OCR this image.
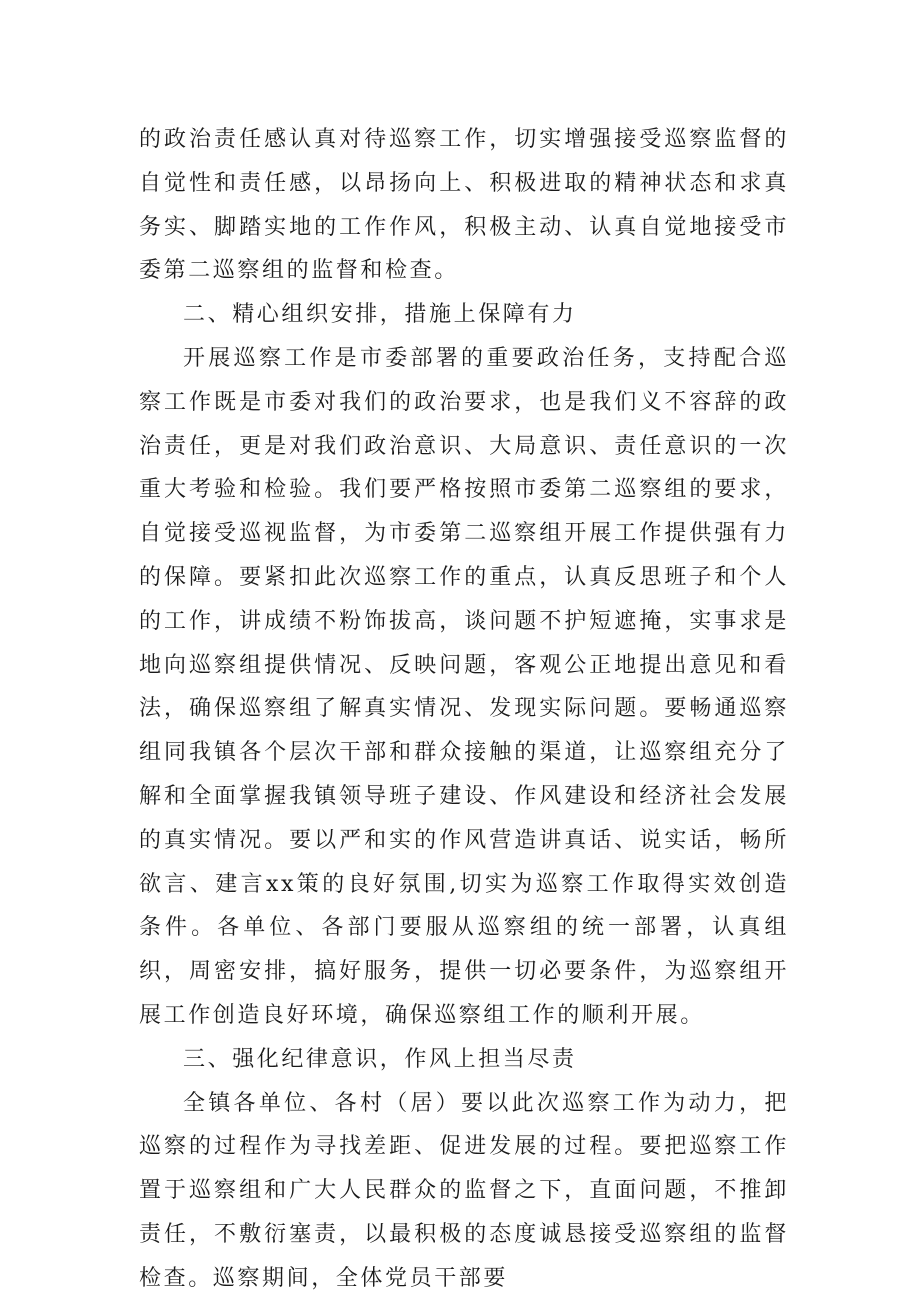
的政治责任感认真对待巡察工作，切实增强接受巡察监督的自觉性和责任感，以昂扬向上、积极进取的精神状态和求真务实、脚踏实地的工作作风，积极主动、认真自觉地接受市委第二巡察组的监督和检查。

二、精心组织安排，措施上保障有力

开展巡察工作是市委部署的重要政治任务，支持配合巡察工作既是市委对我们的政治要求，也是我们义不容辞的政治责任，更是对我们政治意识、大局意识、责任意识的一次重大考验和检验。我们要严格按照市委第二巡察组的要求，自觉接受巡视监督，为市委第二巡察组开展工作提供强有力的保障。要紧扣此次巡察工作的重点，认真反思班子和个人的工作，讲成绩不粉饰拔高，谈问题不护短遮掩，实事求是地向巡察组提供情况、反映问题，客观公正地提出意见和看法，确保巡察组了解真实情况、发现实际问题。要畅通巡察组同我镇各个层次干部和群众接触的渠道，让巡察组充分了解和全面掌握我镇领导班子建设、作风建设和经济社会发展的真实情况。要以严和实的作风营造讲真话、说实话，畅所欲言、建言xx策的良好氛围,切实为巡察工作取得实效创造条件。各单位、各部门要服从巡察组的统一部署，认真组织，周密安排，搞好服务，提供一切必要条件，为巡察组开展工作创造良好环境，确保巡察组工作的顺利开展。

三、强化纪律意识，作风上担当尽责

全镇各单位、各村（居）要以此次巡察工作为动力，把巡察的过程作为寻找差距、促进发展的过程。要把巡察工作置于巡察组和广大人民群众的监督之下，直面问题，不推卸责任，不敷衍塞责，以最积极的态度诚恳接受巡察组的监督检查。巡察期间，全体党员干部要
